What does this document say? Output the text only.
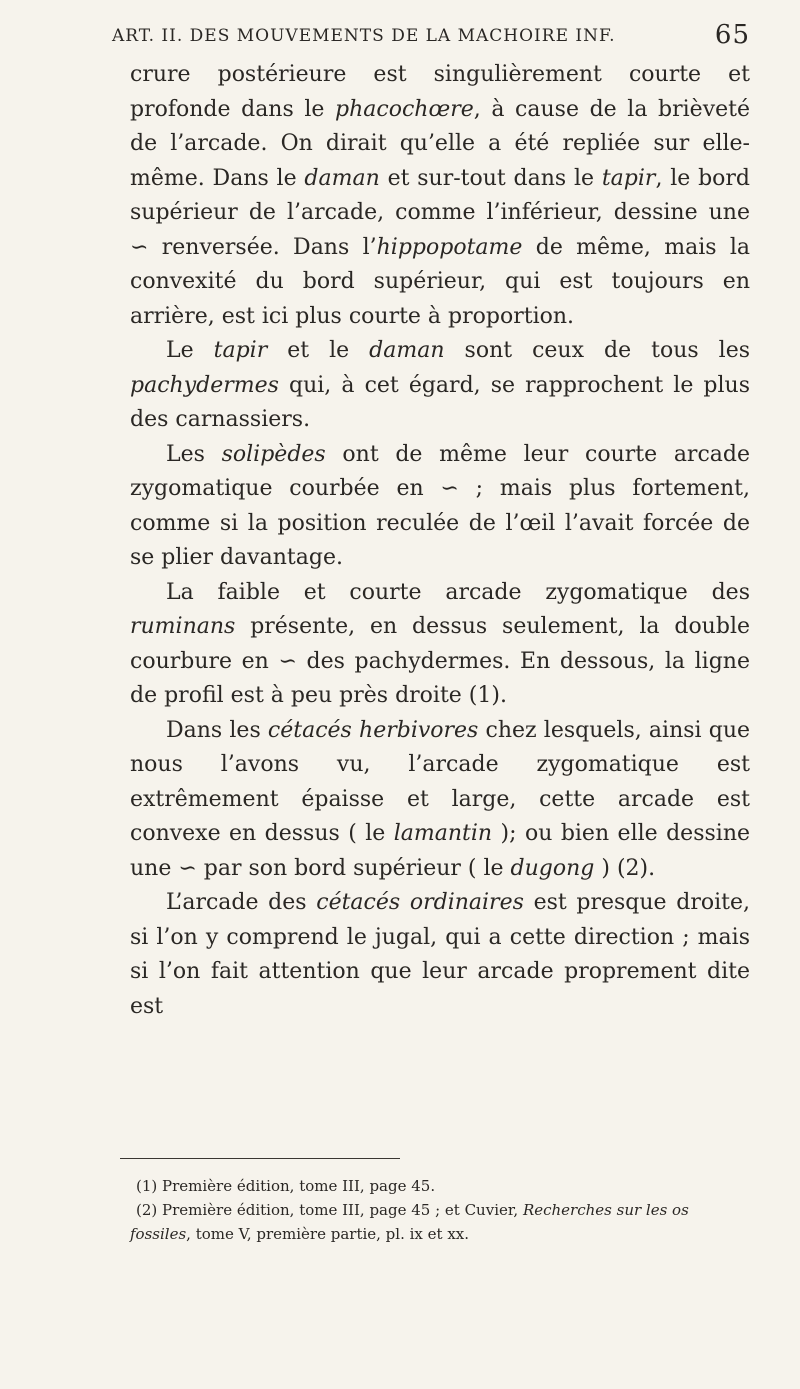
ART. II. DES MOUVEMENTS DE LA MACHOIRE INF.	65

crure postérieure est singulièrement courte et profonde dans le phacochœre, à cause de la brièveté de l’arcade. On dirait qu’elle a été repliée sur elle-même. Dans le daman et sur-tout dans le tapir, le bord supérieur de l’arcade, comme l’inférieur, dessine une ∽ renversée. Dans l’hippopotame de même, mais la convexité du bord supérieur, qui est toujours en arrière, est ici plus courte à proportion.

Le tapir et le daman sont ceux de tous les pachydermes qui, à cet égard, se rapprochent le plus des carnassiers.

Les solipèdes ont de même leur courte arcade zygomatique courbée en ∽ ; mais plus fortement, comme si la position reculée de l’œil l’avait forcée de se plier davantage.

La faible et courte arcade zygomatique des ruminans présente, en dessus seulement, la double courbure en ∽ des pachydermes. En dessous, la ligne de profil est à peu près droite (1).

Dans les cétacés herbivores chez lesquels, ainsi que nous l’avons vu, l’arcade zygomatique est extrêmement épaisse et large, cette arcade est convexe en dessus ( le lamantin ); ou bien elle dessine une ∽ par son bord supérieur ( le dugong ) (2).

L’arcade des cétacés ordinaires est presque droite, si l’on y comprend le jugal, qui a cette direction ; mais si l’on fait attention que leur arcade proprement dite est

(1) Première édition, tome III, page 45.

(2) Première édition, tome III, page 45 ; et Cuvier, Recherches sur les os fossiles, tome V, première partie, pl. ix et xx.
